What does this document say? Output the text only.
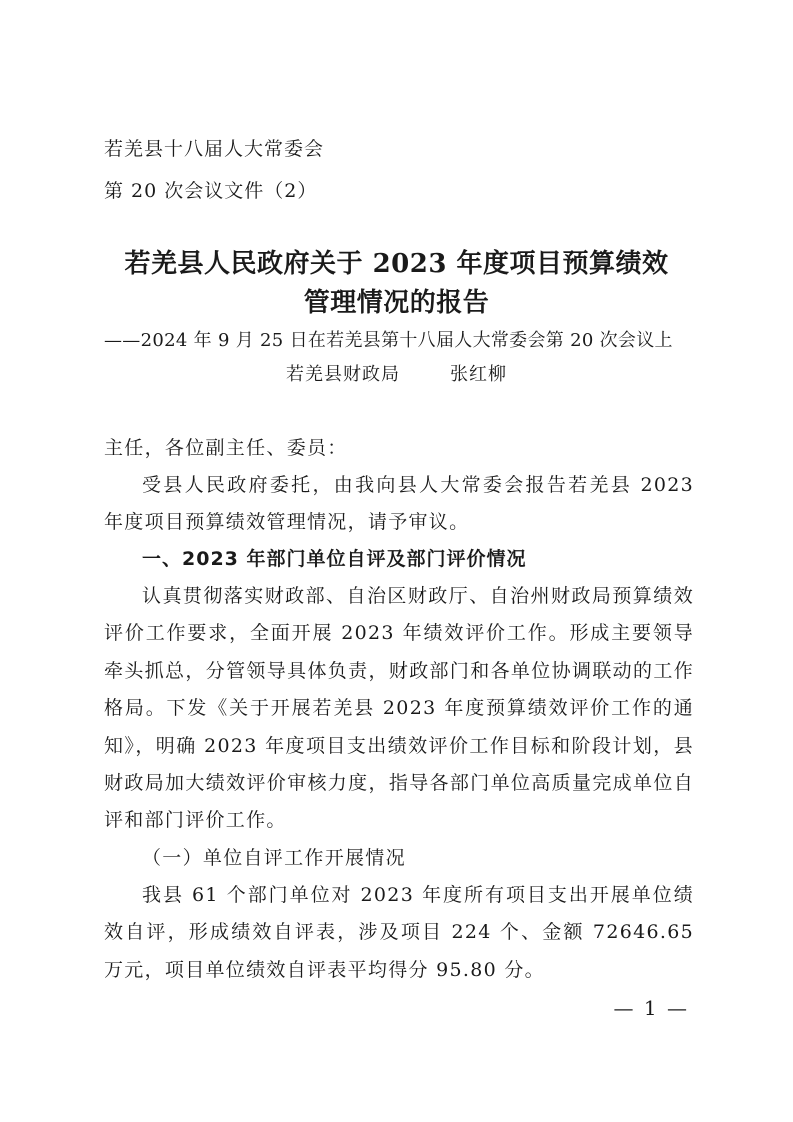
若羌县十八届人大常委会
第 20 次会议文件（2）
若羌县人民政府关于 2023 年度项目预算绩效
管理情况的报告
——2024 年 9 月 25 日在若羌县第十八届人大常委会第 20 次会议上
若羌县财政局	张红柳
主任，各位副主任、委员：
受县人民政府委托，由我向县人大常委会报告若羌县 2023 年度项目预算绩效管理情况，请予审议。
一、2023 年部门单位自评及部门评价情况
认真贯彻落实财政部、自治区财政厅、自治州财政局预算绩效评价工作要求，全面开展 2023 年绩效评价工作。形成主要领导牵头抓总，分管领导具体负责，财政部门和各单位协调联动的工作格局。下发《关于开展若羌县 2023 年度预算绩效评价工作的通知》，明确 2023 年度项目支出绩效评价工作目标和阶段计划，县财政局加大绩效评价审核力度，指导各部门单位高质量完成单位自评和部门评价工作。
（一）单位自评工作开展情况
我县 61 个部门单位对 2023 年度所有项目支出开展单位绩效自评，形成绩效自评表，涉及项目 224 个、金额 72646.65 万元，项目单位绩效自评表平均得分 95.80 分。
— 1 —
